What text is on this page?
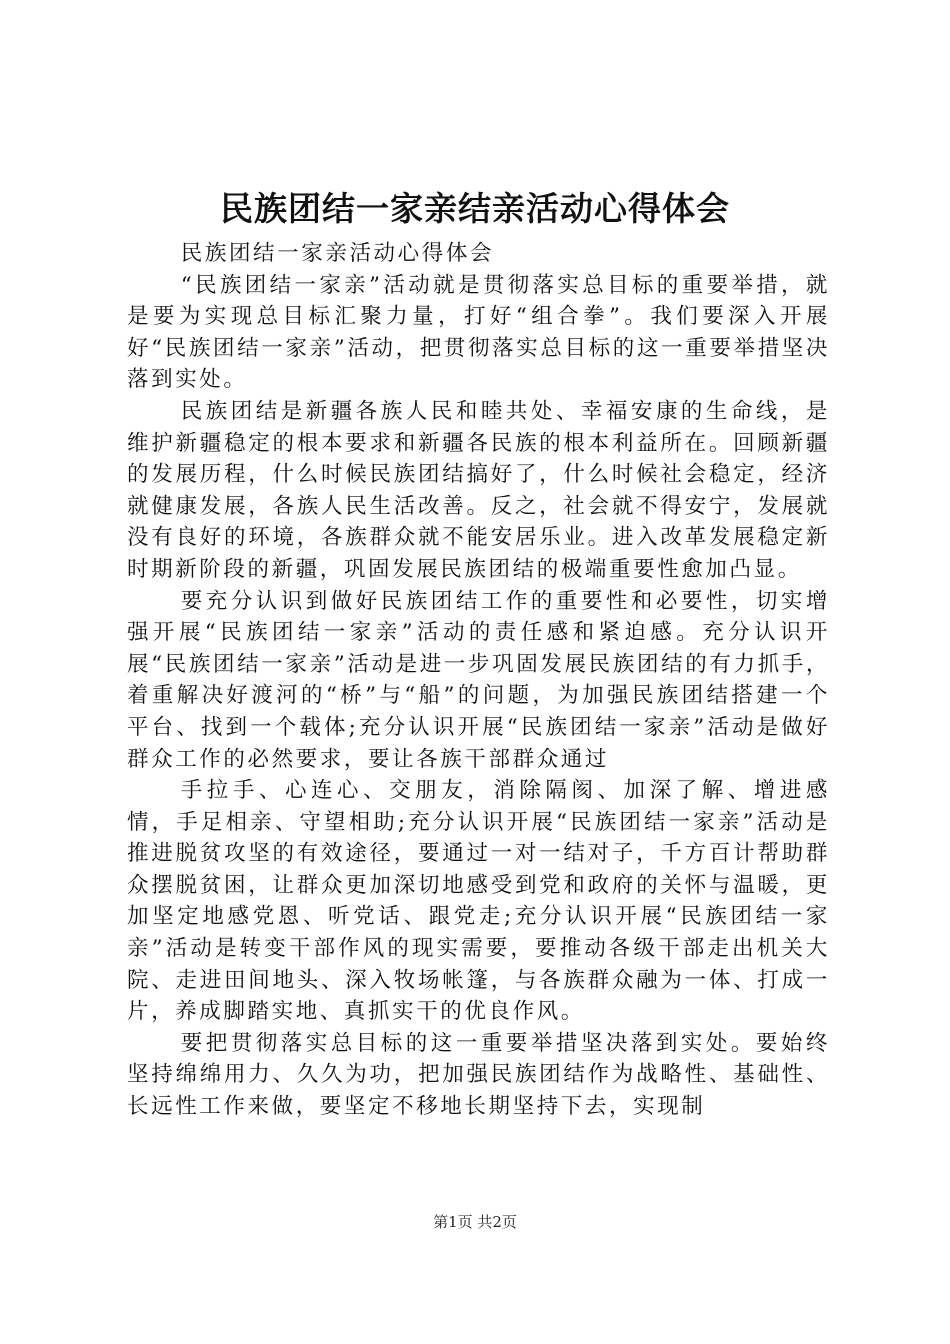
民族团结一家亲结亲活动心得体会

民族团结一家亲活动心得体会

“民族团结一家亲”活动就是贯彻落实总目标的重要举措，就是要为实现总目标汇聚力量，打好“组合拳”。我们要深入开展好“民族团结一家亲”活动，把贯彻落实总目标的这一重要举措坚决落到实处。

民族团结是新疆各族人民和睦共处、幸福安康的生命线，是维护新疆稳定的根本要求和新疆各民族的根本利益所在。回顾新疆的发展历程，什么时候民族团结搞好了，什么时候社会稳定，经济就健康发展，各族人民生活改善。反之，社会就不得安宁，发展就没有良好的环境，各族群众就不能安居乐业。进入改革发展稳定新时期新阶段的新疆，巩固发展民族团结的极端重要性愈加凸显。

要充分认识到做好民族团结工作的重要性和必要性，切实增强开展“民族团结一家亲”活动的责任感和紧迫感。充分认识开展“民族团结一家亲”活动是进一步巩固发展民族团结的有力抓手，着重解决好渡河的“桥”与“船”的问题，为加强民族团结搭建一个平台、找到一个载体;充分认识开展“民族团结一家亲”活动是做好群众工作的必然要求，要让各族干部群众通过

手拉手、心连心、交朋友，消除隔阂、加深了解、增进感情，手足相亲、守望相助;充分认识开展“民族团结一家亲”活动是推进脱贫攻坚的有效途径，要通过一对一结对子，千方百计帮助群众摆脱贫困，让群众更加深切地感受到党和政府的关怀与温暖，更加坚定地感党恩、听党话、跟党走;充分认识开展“民族团结一家亲”活动是转变干部作风的现实需要，要推动各级干部走出机关大院、走进田间地头、深入牧场帐篷，与各族群众融为一体、打成一片，养成脚踏实地、真抓实干的优良作风。

要把贯彻落实总目标的这一重要举措坚决落到实处。要始终坚持绵绵用力、久久为功，把加强民族团结作为战略性、基础性、长远性工作来做，要坚定不移地长期坚持下去，实现制

第1页 共2页
